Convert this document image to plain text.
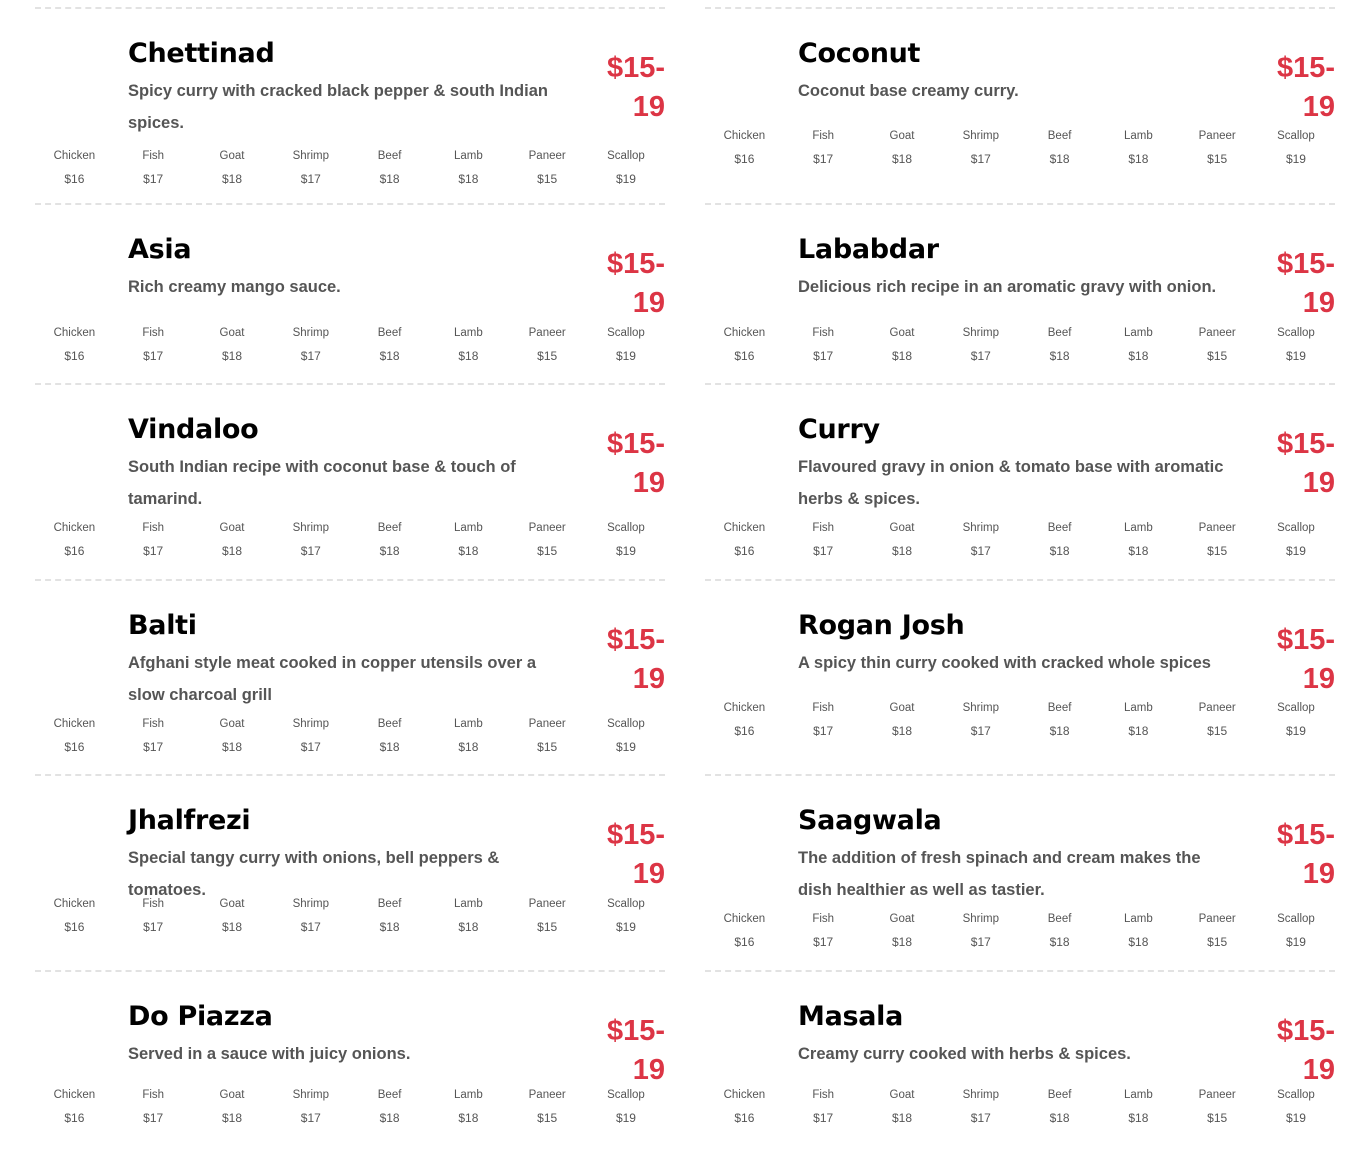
Chettinad

Spicy curry with cracked black pepper & south Indian spices.

$15-19
Chicken
$16
Fish
$17
Goat
$18
Shrimp
$17
Beef
$18
Lamb
$18
Paneer
$15
Scallop
$19
Asia

Rich creamy mango sauce.

$15-19
Chicken
$16
Fish
$17
Goat
$18
Shrimp
$17
Beef
$18
Lamb
$18
Paneer
$15
Scallop
$19
Vindaloo

South Indian recipe with coconut base & touch of tamarind.

$15-19
Chicken
$16
Fish
$17
Goat
$18
Shrimp
$17
Beef
$18
Lamb
$18
Paneer
$15
Scallop
$19
Balti

Afghani style meat cooked in copper utensils over a slow charcoal grill

$15-19
Chicken
$16
Fish
$17
Goat
$18
Shrimp
$17
Beef
$18
Lamb
$18
Paneer
$15
Scallop
$19
Jhalfrezi

Special tangy curry with onions, bell peppers & tomatoes.

$15-19
Chicken
$16
Fish
$17
Goat
$18
Shrimp
$17
Beef
$18
Lamb
$18
Paneer
$15
Scallop
$19
Do Piazza

Served in a sauce with juicy onions.

$15-19
Chicken
$16
Fish
$17
Goat
$18
Shrimp
$17
Beef
$18
Lamb
$18
Paneer
$15
Scallop
$19
Coconut

Coconut base creamy curry.

$15-19
Chicken
$16
Fish
$17
Goat
$18
Shrimp
$17
Beef
$18
Lamb
$18
Paneer
$15
Scallop
$19
Lababdar

Delicious rich recipe in an aromatic gravy with onion.

$15-19
Chicken
$16
Fish
$17
Goat
$18
Shrimp
$17
Beef
$18
Lamb
$18
Paneer
$15
Scallop
$19
Curry

Flavoured gravy in onion & tomato base with aromatic herbs & spices.

$15-19
Chicken
$16
Fish
$17
Goat
$18
Shrimp
$17
Beef
$18
Lamb
$18
Paneer
$15
Scallop
$19
Rogan Josh

A spicy thin curry cooked with cracked whole spices

$15-19
Chicken
$16
Fish
$17
Goat
$18
Shrimp
$17
Beef
$18
Lamb
$18
Paneer
$15
Scallop
$19
Saagwala

The addition of fresh spinach and cream makes the dish healthier as well as tastier.

$15-19
Chicken
$16
Fish
$17
Goat
$18
Shrimp
$17
Beef
$18
Lamb
$18
Paneer
$15
Scallop
$19
Masala

Creamy curry cooked with herbs & spices.

$15-19
Chicken
$16
Fish
$17
Goat
$18
Shrimp
$17
Beef
$18
Lamb
$18
Paneer
$15
Scallop
$19
